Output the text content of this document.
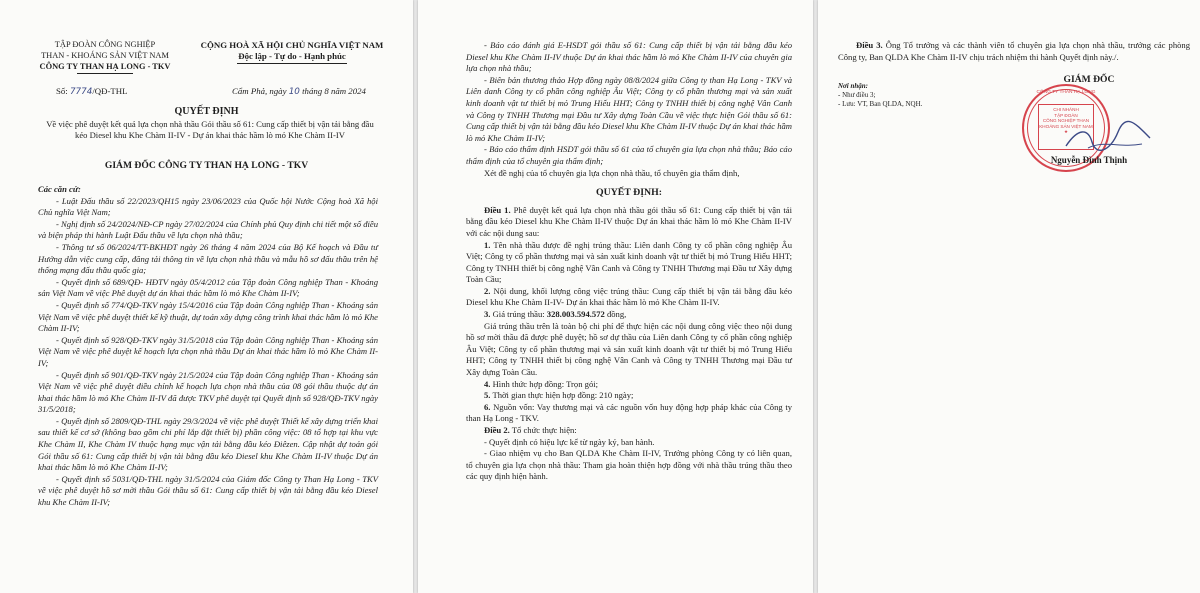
TẬP ĐOÀN CÔNG NGHIỆP
THAN - KHOÁNG SẢN VIỆT NAM
CÔNG TY THAN HẠ LONG - TKV
CỘNG HOÀ XÃ HỘI CHỦ NGHĨA VIỆT NAM
Độc lập - Tự do - Hạnh phúc
Số: 7774/QĐ-THL	Cẩm Phả, ngày 10 tháng 8 năm 2024
QUYẾT ĐỊNH
Về việc phê duyệt kết quả lựa chọn nhà thầu Gói thầu số 61: Cung cấp thiết bị vận tải bằng đầu
kéo Diesel khu Khe Chàm II-IV - Dự án khai thác hầm lò mỏ Khe Chàm II-IV
GIÁM ĐỐC CÔNG TY THAN HẠ LONG - TKV

Các căn cứ:

- Luật Đấu thầu số 22/2023/QH15 ngày 23/06/2023 của Quốc hội Nước Cộng hoà Xã hội Chủ nghĩa Việt Nam;

- Nghị định số 24/2024/NĐ-CP ngày 27/02/2024 của Chính phủ Quy định chi tiết một số điều và biện pháp thi hành Luật Đấu thầu về lựa chọn nhà thầu;

- Thông tư số 06/2024/TT-BKHĐT ngày 26 tháng 4 năm 2024 của Bộ Kế hoạch và Đầu tư Hướng dẫn việc cung cấp, đăng tải thông tin về lựa chọn nhà thầu và mẫu hồ sơ đấu thầu trên hệ thống mạng đấu thầu quốc gia;

- Quyết định số 689/QĐ- HĐTV ngày 05/4/2012 của Tập đoàn Công nghiệp Than - Khoáng sản Việt Nam về việc Phê duyệt dự án khai thác hầm lò mỏ Khe Chàm II-IV;

- Quyết định số 774/QĐ-TKV ngày 15/4/2016 của Tập đoàn Công nghiệp Than - Khoáng sản Việt Nam về việc phê duyệt thiết kế kỹ thuật, dự toán xây dựng công trình khai thác hầm lò mỏ Khe Chàm II-IV;

- Quyết định số 928/QĐ-TKV ngày 31/5/2018 của Tập đoàn Công nghiệp Than - Khoáng sản Việt Nam về việc phê duyệt kế hoạch lựa chọn nhà thầu Dự án khai thác hầm lò mỏ Khe Chàm II-IV;

- Quyết định số 901/QĐ-TKV ngày 21/5/2024 của Tập đoàn Công nghiệp Than - Khoáng sản Việt Nam về việc phê duyệt điều chỉnh kế hoạch lựa chọn nhà thầu của 08 gói thầu thuộc dự án khai thác hầm lò mỏ Khe Chàm II-IV đã được TKV phê duyệt tại Quyết định số 928/QĐ-TKV ngày 31/5/2018;

- Quyết định số 2809/QĐ-THL ngày 29/3/2024 về việc phê duyệt Thiết kế xây dựng triển khai sau thiết kế cơ sở (không bao gồm chi phí lắp đặt thiết bị) phần công việc: 08 tổ hợp tại khu vực Khe Chàm II, Khe Chàm IV thuộc hạng mục vận tải bằng đầu kéo Điêzen. Cập nhật dự toán gói Gói thầu số 61: Cung cấp thiết bị vận tải bằng đầu kéo Diesel khu Khe Chàm II-IV thuộc Dự án khai thác hầm lò mỏ Khe Chàm II-IV;

- Quyết định số 5031/QĐ-THL ngày 31/5/2024 của Giám đốc Công ty Than Hạ Long - TKV về việc phê duyệt hồ sơ mời thầu Gói thầu số 61: Cung cấp thiết bị vận tải bằng đầu kéo Diesel khu Khe Chàm II-IV;

- Báo cáo đánh giá E-HSDT gói thầu số 61: Cung cấp thiết bị vận tải bằng đầu kéo Diesel khu Khe Chàm II-IV thuộc Dự án khai thác hầm lò mỏ Khe Chàm II-IV của chuyên gia lựa chọn nhà thầu;

- Biên bản thương thảo Hợp đồng ngày 08/8/2024 giữa Công ty than Hạ Long - TKV và Liên danh Công ty cổ phần công nghiệp Âu Việt; Công ty cổ phần thương mại và sản xuất kinh doanh vật tư thiết bị mỏ Trung Hiếu HHT; Công ty TNHH thiết bị công nghệ Vân Canh và Công ty TNHH Thương mại Đầu tư Xây dựng Toàn Cầu về việc thực hiện Gói thầu số 61: Cung cấp thiết bị vận tải bằng đầu kéo Diesel khu Khe Chàm II-IV thuộc Dự án khai thác hầm lò mỏ Khe Chàm II-IV;

- Báo cáo thẩm định HSDT gói thầu số 61 của tổ chuyên gia lựa chọn nhà thầu; Báo cáo thẩm định của tổ chuyên gia thẩm định;

Xét đề nghị của tổ chuyên gia lựa chọn nhà thầu, tổ chuyên gia thẩm định,

QUYẾT ĐỊNH:

Điều 1. Phê duyệt kết quả lựa chọn nhà thầu gói thầu số 61: Cung cấp thiết bị vận tải bằng đầu kéo Diesel khu Khe Chàm II-IV thuộc Dự án khai thác hầm lò mỏ Khe Chàm II-IV với các nội dung sau:

1. Tên nhà thầu được đề nghị trúng thầu: Liên danh Công ty cổ phần công nghiệp Âu Việt; Công ty cổ phần thương mại và sản xuất kinh doanh vật tư thiết bị mỏ Trung Hiếu HHT; Công ty TNHH thiết bị công nghệ Vân Canh và Công ty TNHH Thương mại Đầu tư Xây dựng Toàn Cầu;

2. Nội dung, khối lượng công việc trúng thầu: Cung cấp thiết bị vận tải bằng đầu kéo Diesel khu Khe Chàm II-IV- Dự án khai thác hầm lò mỏ Khe Chàm II-IV.

3. Giá trúng thầu: 328.003.594.572 đồng,

Giá trúng thầu trên là toàn bộ chi phí để thực hiện các nội dung công việc theo nội dung hồ sơ mời thầu đã được phê duyệt; hồ sơ dự thầu của Liên danh Công ty cổ phần công nghiệp Âu Việt; Công ty cổ phần thương mại và sản xuất kinh doanh vật tư thiết bị mỏ Trung Hiếu HHT; Công ty TNHH thiết bị công nghệ Vân Canh và Công ty TNHH Thương mại Đầu tư Xây dựng Toàn Cầu.

4. Hình thức hợp đồng: Trọn gói;

5. Thời gian thực hiện hợp đồng: 210 ngày;

6. Nguồn vốn: Vay thương mại và các nguồn vốn huy động hợp pháp khác của Công ty than Hạ Long - TKV.

Điều 2. Tổ chức thực hiện:

- Quyết định có hiệu lực kể từ ngày ký, ban hành.

- Giao nhiệm vụ cho Ban QLDA Khe Chàm II-IV, Trưởng phòng Công ty có liên quan, tổ chuyên gia lựa chọn nhà thầu: Tham gia hoàn thiện hợp đồng với nhà thầu trúng thầu theo các quy định hiện hành.

Điều 3. Ông Tổ trưởng và các thành viên tổ chuyên gia lựa chọn nhà thầu, trưởng các phòng Công ty, Ban QLDA Khe Chàm II-IV chịu trách nhiệm thi hành Quyết định này./.
Nơi nhận:
- Như điều 3;
- Lưu: VT, Ban QLDA, NQH.
GIÁM ĐỐC
CÔNG TY THAN HẠ LONG
CHI NHÁNH
TẬP ĐOÀN
CÔNG NGHIỆP THAN
KHOÁNG SẢN VIỆT NAM
★
Nguyễn Đình Thịnh
